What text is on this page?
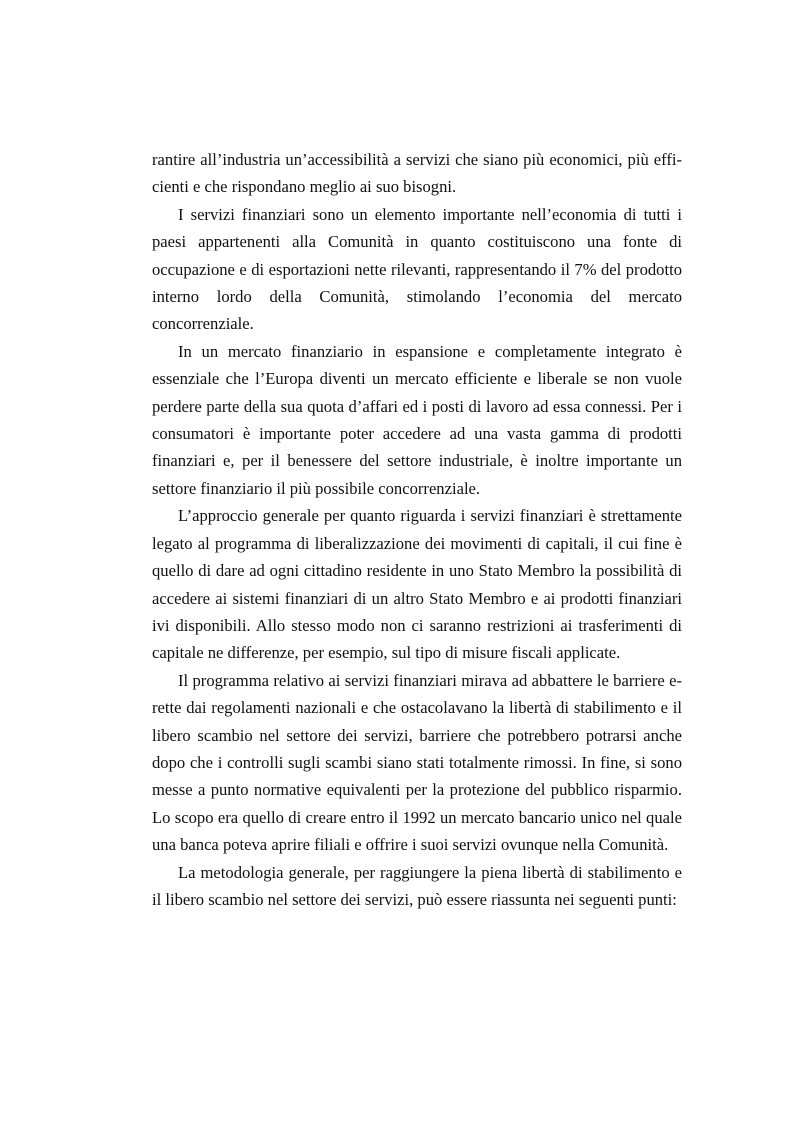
rantire all’industria un’accessibilità a servizi che siano più economici, più efficienti e che rispondano meglio ai suo bisogni.

I servizi finanziari sono un elemento importante nell’economia di tutti i paesi appartenenti alla Comunità in quanto costituiscono una fonte di occupazione e di esportazioni nette rilevanti, rappresentando il 7% del prodotto interno lordo della Comunità, stimolando l’economia del mercato concorrenziale.

In un mercato finanziario in espansione e completamente integrato è essenziale che l’Europa diventi un mercato efficiente e liberale se non vuole perdere parte della sua quota d’affari ed i posti di lavoro ad essa connessi. Per i consumatori è importante poter accedere ad una vasta gamma di prodotti finanziari e, per il benessere del settore industriale, è inoltre importante un settore finanziario il più possibile concorrenziale.

L’approccio generale per quanto riguarda i servizi finanziari è strettamente legato al programma di liberalizzazione dei movimenti di capitali, il cui fine è quello di dare ad ogni cittadino residente in uno Stato Membro la possibilità di accedere ai sistemi finanziari di un altro Stato Membro e ai prodotti finanziari ivi disponibili. Allo stesso modo non ci saranno restrizioni ai trasferimenti di capitale ne differenze, per esempio, sul tipo di misure fiscali applicate.

Il programma relativo ai servizi finanziari mirava ad abbattere le barriere erette dai regolamenti nazionali e che ostacolavano la libertà di stabilimento e il libero scambio nel settore dei servizi, barriere che potrebbero potrarsi anche dopo che i controlli sugli scambi siano stati totalmente rimossi. In fine, si sono messe a punto normative equivalenti per la protezione del pubblico risparmio. Lo scopo era quello di creare entro il 1992 un mercato bancario unico nel quale una banca poteva aprire filiali e offrire i suoi servizi ovunque nella Comunità.

La metodologia generale, per raggiungere la piena libertà di stabilimento e il libero scambio nel settore dei servizi, può essere riassunta nei seguenti punti:
